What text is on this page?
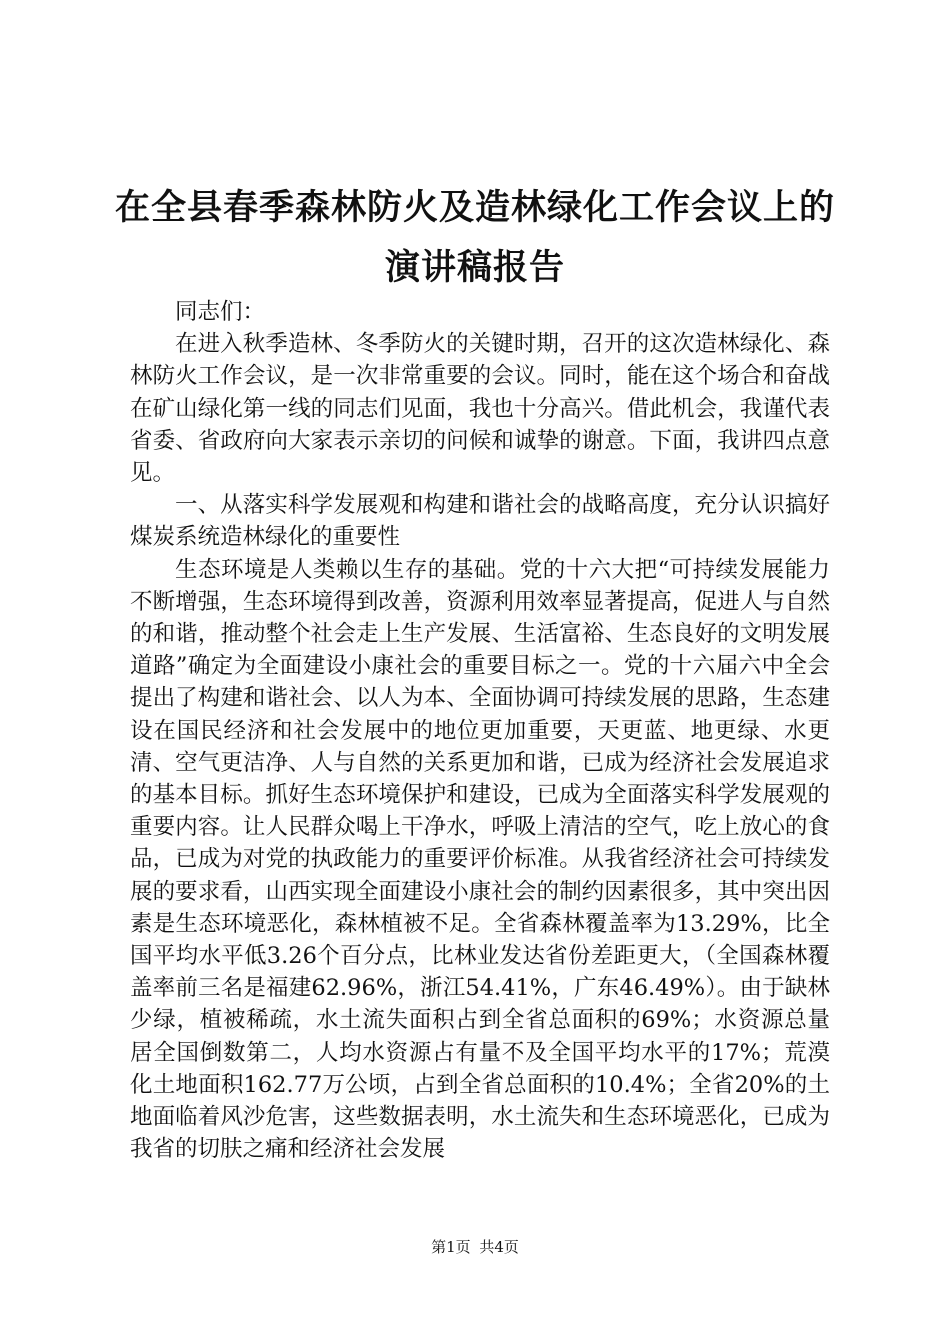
在全县春季森林防火及造林绿化工作会议上的
演讲稿报告

同志们：

在进入秋季造林、冬季防火的关键时期，召开的这次造林绿化、森林防火工作会议，是一次非常重要的会议。同时，能在这个场合和奋战在矿山绿化第一线的同志们见面，我也十分高兴。借此机会，我谨代表省委、省政府向大家表示亲切的问候和诚挚的谢意。下面，我讲四点意见。

一、从落实科学发展观和构建和谐社会的战略高度，充分认识搞好煤炭系统造林绿化的重要性

生态环境是人类赖以生存的基础。党的十六大把“可持续发展能力不断增强，生态环境得到改善，资源利用效率显著提高，促进人与自然的和谐，推动整个社会走上生产发展、生活富裕、生态良好的文明发展道路”确定为全面建设小康社会的重要目标之一。党的十六届六中全会提出了构建和谐社会、以人为本、全面协调可持续发展的思路，生态建设在国民经济和社会发展中的地位更加重要，天更蓝、地更绿、水更清、空气更洁净、人与自然的关系更加和谐，已成为经济社会发展追求的基本目标。抓好生态环境保护和建设，已成为全面落实科学发展观的重要内容。让人民群众喝上干净水，呼吸上清洁的空气，吃上放心的食品，已成为对党的执政能力的重要评价标准。从我省经济社会可持续发展的要求看，山西实现全面建设小康社会的制约因素很多，其中突出因素是生态环境恶化，森林植被不足。全省森林覆盖率为13.29%，比全国平均水平低3.26个百分点，比林业发达省份差距更大，（全国森林覆盖率前三名是福建62.96%，浙江54.41%，广东46.49%）。由于缺林少绿，植被稀疏，水土流失面积占到全省总面积的69%；水资源总量居全国倒数第二，人均水资源占有量不及全国平均水平的17%；荒漠化土地面积162.77万公顷，占到全省总面积的10.4%；全省20%的土地面临着风沙危害，这些数据表明，水土流失和生态环境恶化，已成为我省的切肤之痛和经济社会发展

第1页 共4页
